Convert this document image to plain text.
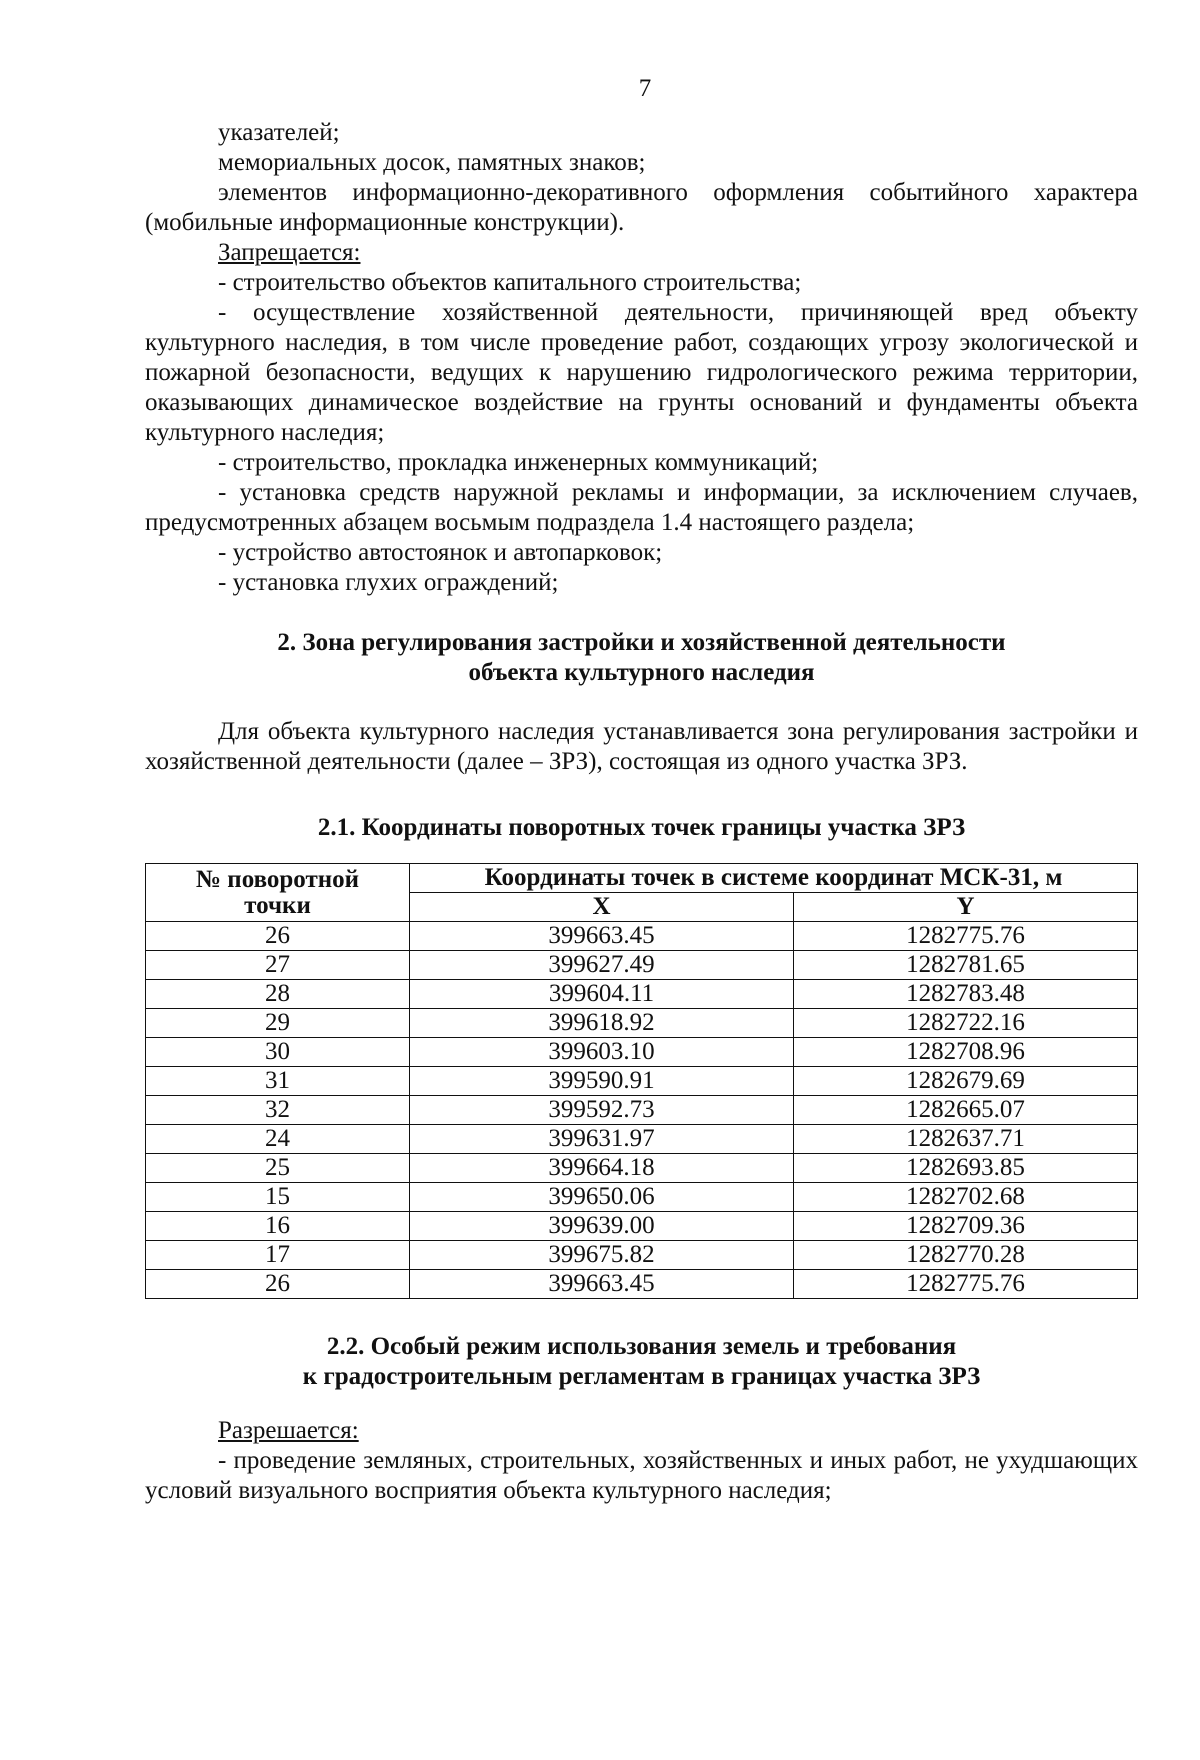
7

указателей;

мемориальных досок, памятных знаков;

элементов информационно-декоративного оформления событийного характера (мобильные информационные конструкции).

Запрещается:

- строительство объектов капитального строительства;

- осуществление хозяйственной деятельности, причиняющей вред объекту культурного наследия, в том числе проведение работ, создающих угрозу экологической и пожарной безопасности, ведущих к нарушению гидрологического режима территории, оказывающих динамическое воздействие на грунты оснований и фундаменты объекта культурного наследия;

- строительство, прокладка инженерных коммуникаций;

- установка средств наружной рекламы и информации, за исключением случаев, предусмотренных абзацем восьмым подраздела 1.4 настоящего раздела;

- устройство автостоянок и автопарковок;

- установка глухих ограждений;

2. Зона регулирования застройки и хозяйственной деятельности
объекта культурного наследия

Для объекта культурного наследия устанавливается зона регулирования застройки и хозяйственной деятельности (далее – ЗРЗ), состоящая из одного участка ЗРЗ.

2.1. Координаты поворотных точек границы участка ЗРЗ
№ поворотной
точки	Координаты точек в системе координат МСК-31, м	
	X	Y
26	399663.45	1282775.76
27	399627.49	1282781.65
28	399604.11	1282783.48
29	399618.92	1282722.16
30	399603.10	1282708.96
31	399590.91	1282679.69
32	399592.73	1282665.07
24	399631.97	1282637.71
25	399664.18	1282693.85
15	399650.06	1282702.68
16	399639.00	1282709.36
17	399675.82	1282770.28
26	399663.45	1282775.76
2.2. Особый режим использования земель и требования
к градостроительным регламентам в границах участка ЗРЗ

Разрешается:

- проведение земляных, строительных, хозяйственных и иных работ, не ухудшающих условий визуального восприятия объекта культурного наследия;
